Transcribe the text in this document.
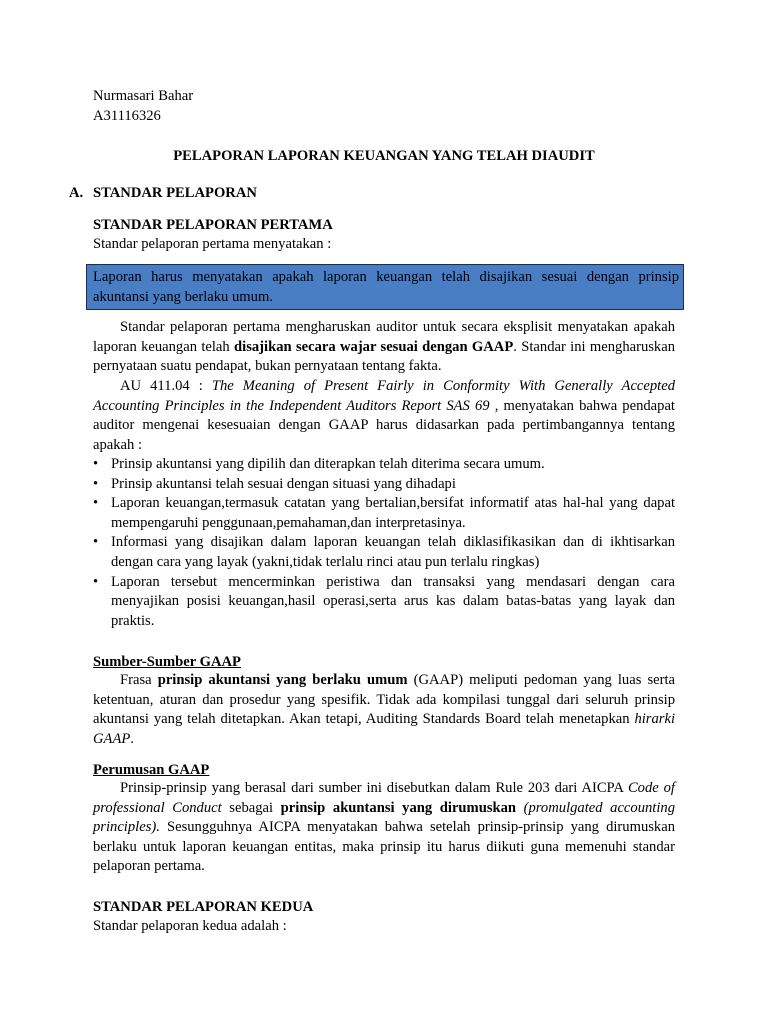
Nurmasari Bahar
A31116326
PELAPORAN LAPORAN KEUANGAN YANG TELAH DIAUDIT
A. STANDAR PELAPORAN
STANDAR PELAPORAN PERTAMA
Standar pelaporan pertama menyatakan :
Laporan harus menyatakan apakah laporan keuangan telah disajikan sesuai dengan prinsip akuntansi yang berlaku umum.
Standar pelaporan pertama mengharuskan auditor untuk secara eksplisit menyatakan apakah laporan keuangan telah disajikan secara wajar sesuai dengan GAAP. Standar ini mengharuskan pernyataan suatu pendapat, bukan pernyataan tentang fakta.
AU 411.04 : The Meaning of Present Fairly in Conformity With Generally Accepted Accounting Principles in the Independent Auditors Report SAS 69 , menyatakan bahwa pendapat auditor mengenai kesesuaian dengan GAAP harus didasarkan pada pertimbangannya tentang apakah :
• Prinsip akuntansi yang dipilih dan diterapkan telah diterima secara umum.
• Prinsip akuntansi telah sesuai dengan situasi yang dihadapi
• Laporan keuangan,termasuk catatan yang bertalian,bersifat informatif atas hal-hal yang dapat mempengaruhi penggunaan,pemahaman,dan interpretasinya.
• Informasi yang disajikan dalam laporan keuangan telah diklasifikasikan dan di ikhtisarkan dengan cara yang layak (yakni,tidak terlalu rinci atau pun terlalu ringkas)
• Laporan tersebut mencerminkan peristiwa dan transaksi yang mendasari dengan cara menyajikan posisi keuangan,hasil operasi,serta arus kas dalam batas-batas yang layak dan praktis.
Sumber-Sumber GAAP
Frasa prinsip akuntansi yang berlaku umum (GAAP) meliputi pedoman yang luas serta ketentuan, aturan dan prosedur yang spesifik. Tidak ada kompilasi tunggal dari seluruh prinsip akuntansi yang telah ditetapkan. Akan tetapi, Auditing Standards Board telah menetapkan hirarki GAAP.
Perumusan GAAP
Prinsip-prinsip yang berasal dari sumber ini disebutkan dalam Rule 203 dari AICPA Code of professional Conduct sebagai prinsip akuntansi yang dirumuskan (promulgated accounting principles). Sesungguhnya AICPA menyatakan bahwa setelah prinsip-prinsip yang dirumuskan berlaku untuk laporan keuangan entitas, maka prinsip itu harus diikuti guna memenuhi standar pelaporan pertama.
STANDAR PELAPORAN KEDUA
Standar pelaporan kedua adalah :
